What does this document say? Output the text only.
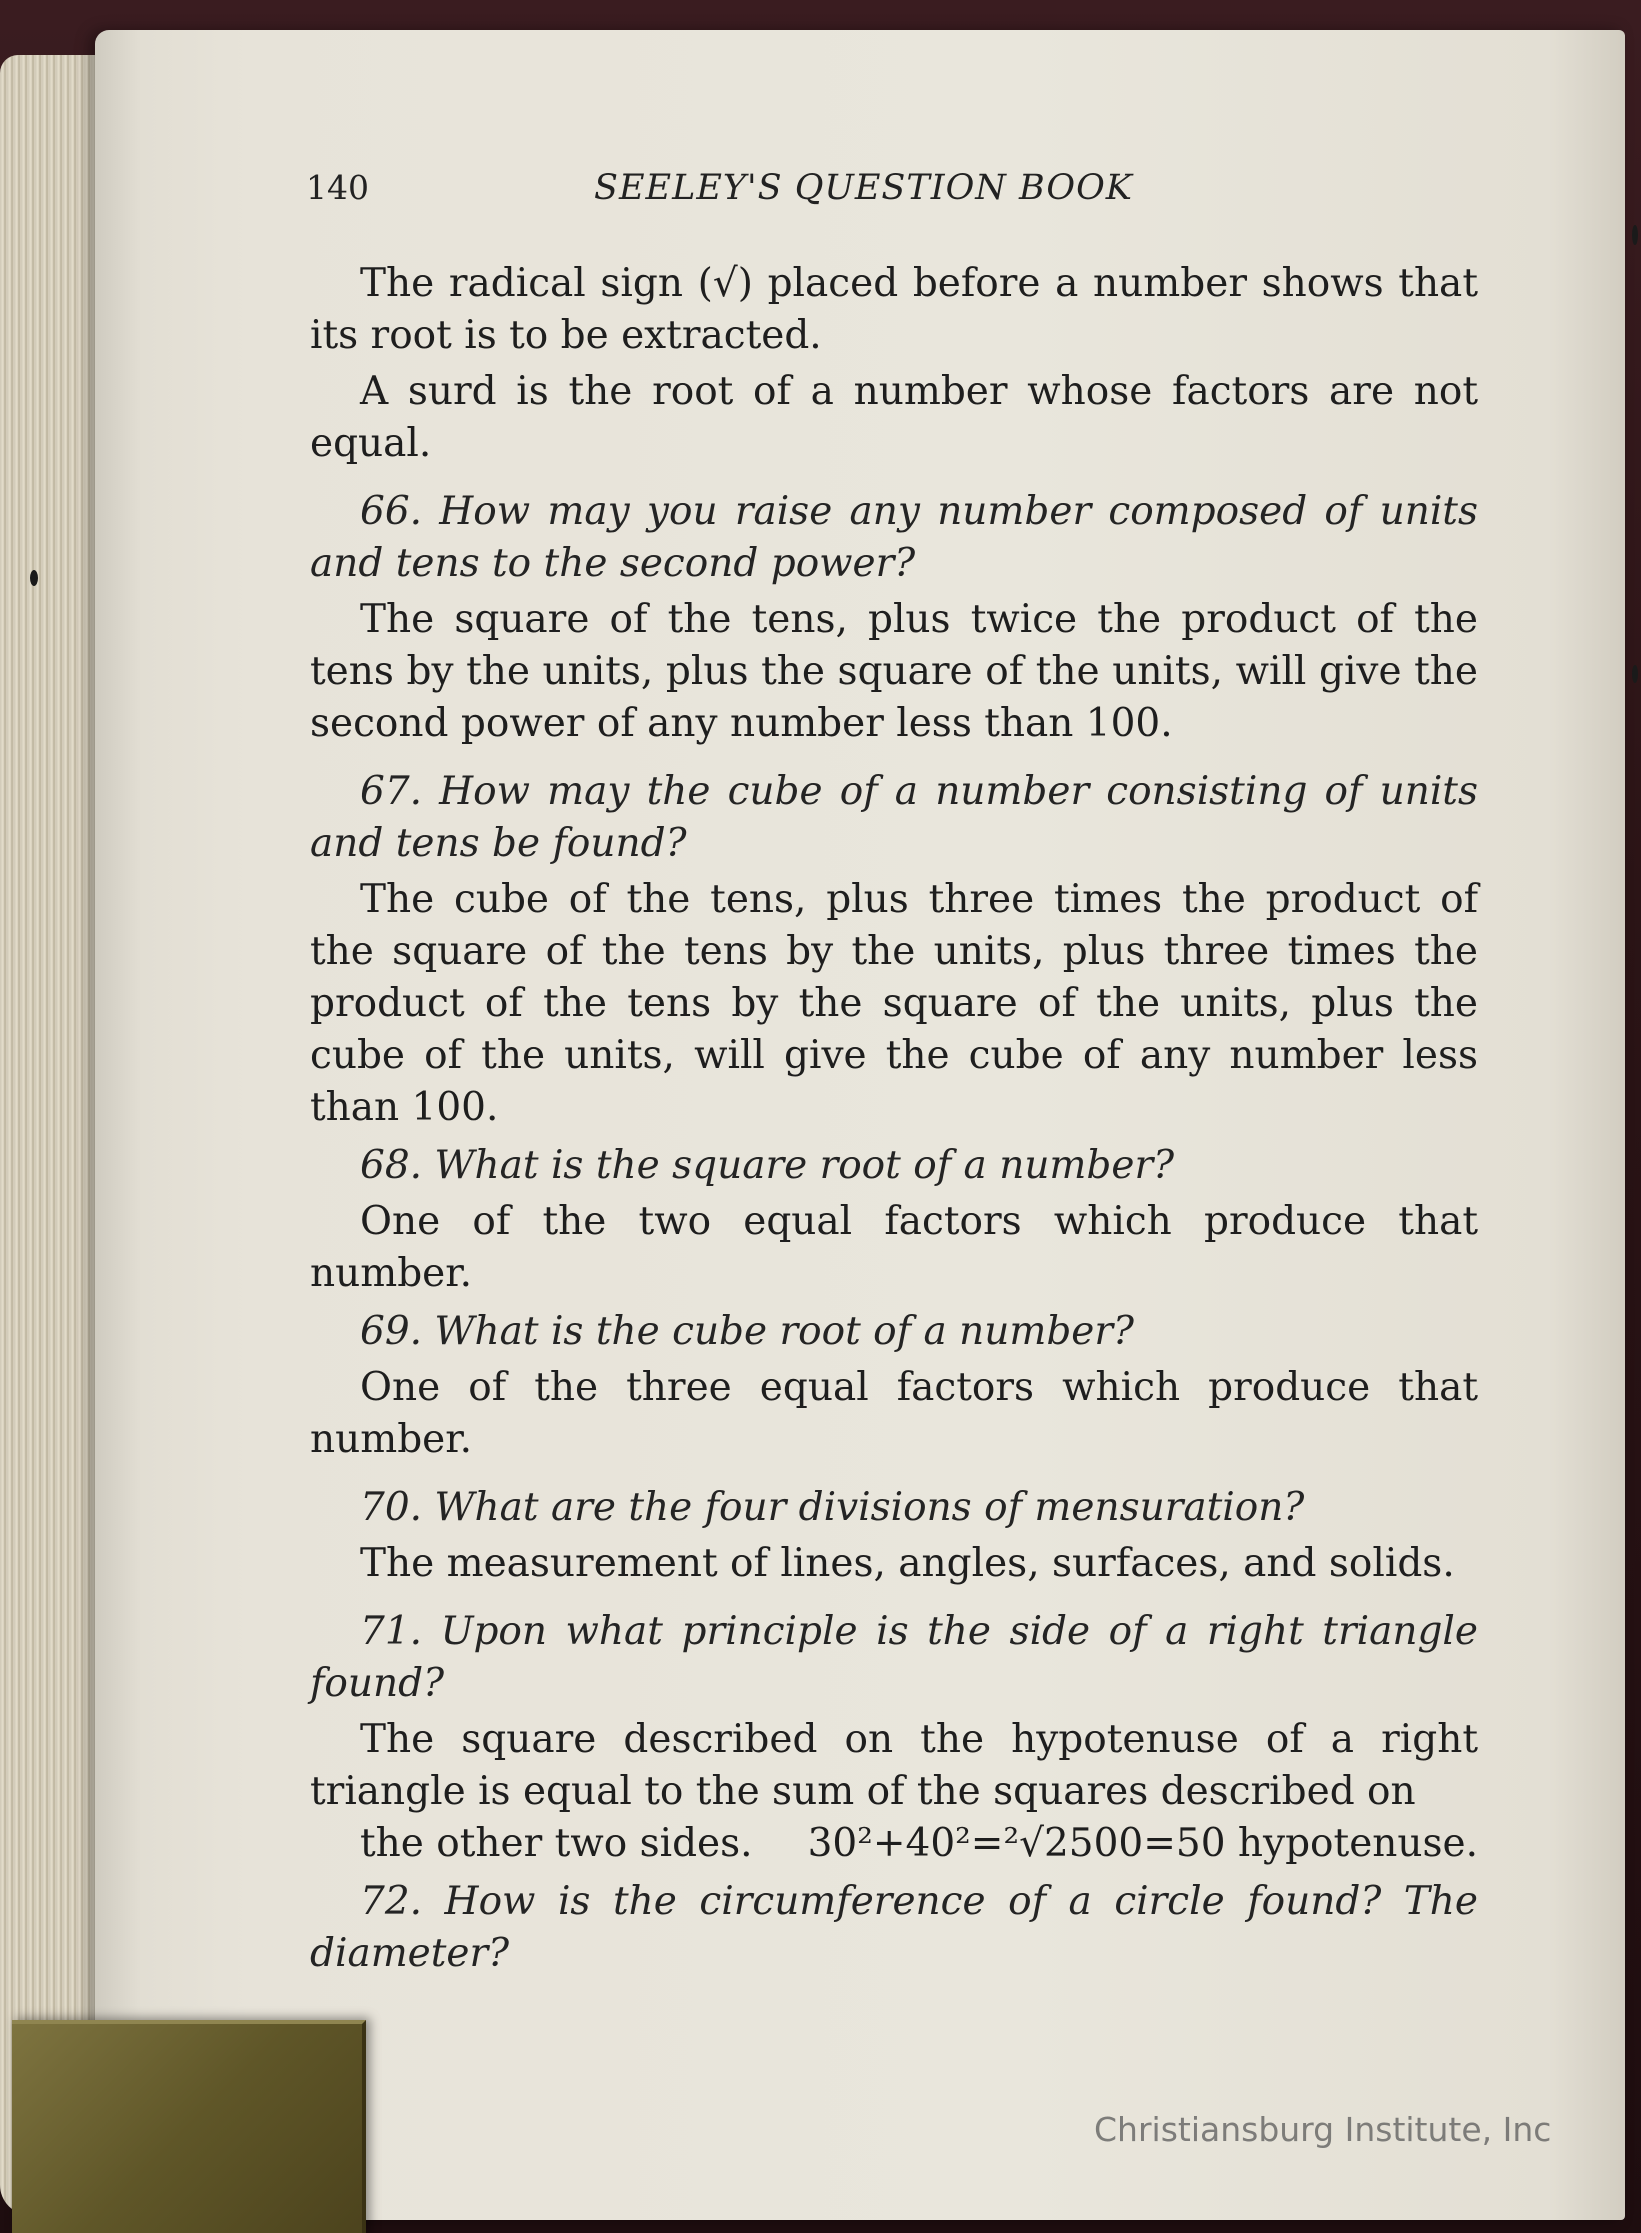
140	SEELEY'S QUESTION BOOK

The radical sign (√) placed before a number shows that its root is to be extracted.

A surd is the root of a number whose factors are not equal.

66. How may you raise any number composed of units and tens to the second power?

The square of the tens, plus twice the product of the tens by the units, plus the square of the units, will give the second power of any number less than 100.

67. How may the cube of a number consisting of units and tens be found?

The cube of the tens, plus three times the product of the square of the tens by the units, plus three times the product of the tens by the square of the units, plus the cube of the units, will give the cube of any number less than 100.

68. What is the square root of a number?

One of the two equal factors which produce that number.

69. What is the cube root of a number?

One of the three equal factors which produce that number.

70. What are the four divisions of mensuration?

The measurement of lines, angles, surfaces, and solids.

71. Upon what principle is the side of a right triangle found?

The square described on the hypotenuse of a right triangle is equal to the sum of the squares described on

the other two sides.	30²+40²=²√2500=50 hypotenuse.

72. How is the circumference of a circle found? The diameter?

Christiansburg Institute, Inc
